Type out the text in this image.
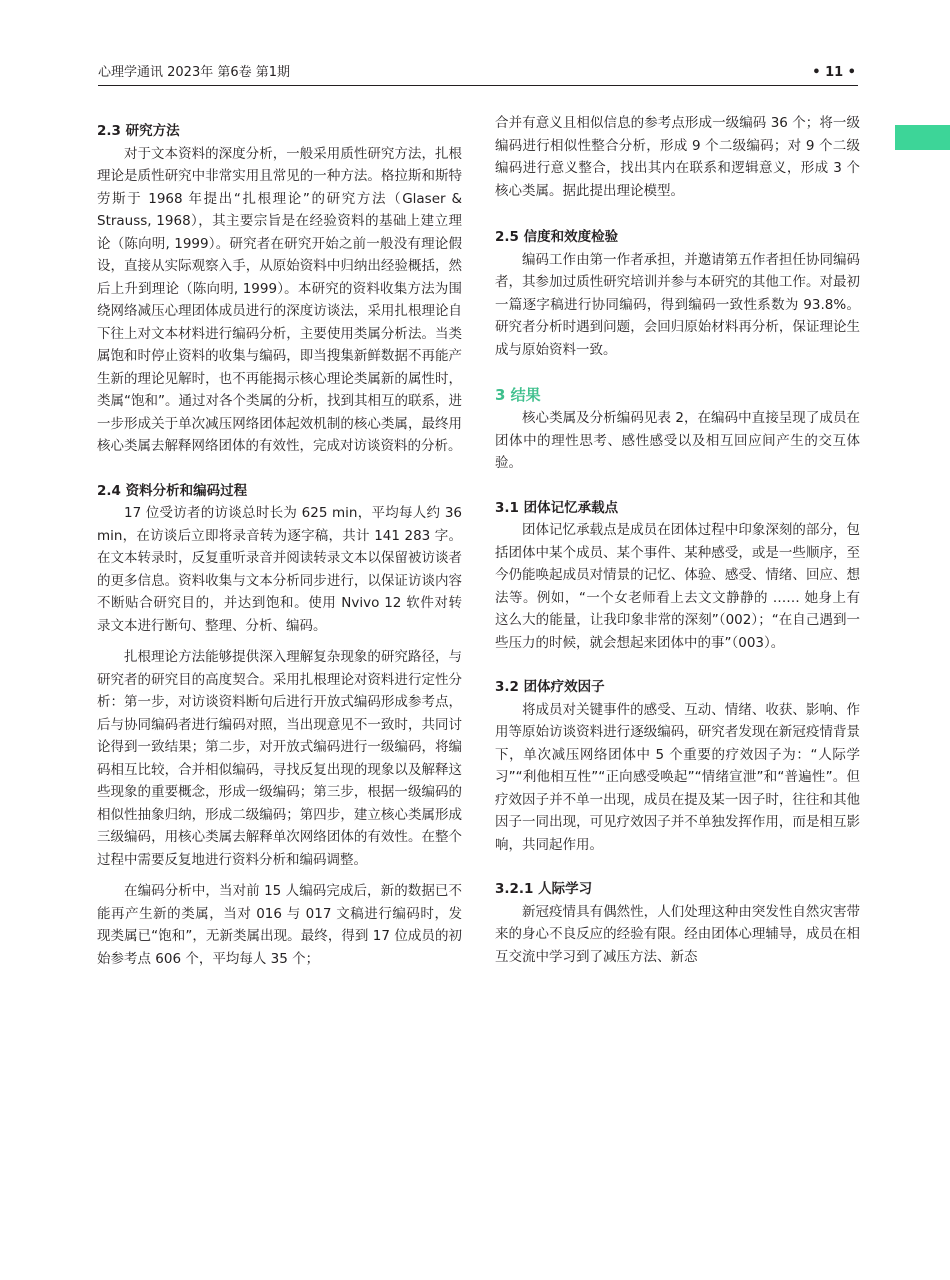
心理学通讯 2023年 第6卷 第1期	• 11 •
2.3 研究方法

对于文本资料的深度分析，一般采用质性研究方法，扎根理论是质性研究中非常实用且常见的一种方法。格拉斯和斯特劳斯于 1968 年提出“扎根理论”的研究方法（Glaser & Strauss, 1968），其主要宗旨是在经验资料的基础上建立理论（陈向明, 1999）。研究者在研究开始之前一般没有理论假设，直接从实际观察入手，从原始资料中归纳出经验概括，然后上升到理论（陈向明, 1999）。本研究的资料收集方法为围绕网络减压心理团体成员进行的深度访谈法，采用扎根理论自下往上对文本材料进行编码分析，主要使用类属分析法。当类属饱和时停止资料的收集与编码，即当搜集新鲜数据不再能产生新的理论见解时，也不再能揭示核心理论类属新的属性时，类属“饱和”。通过对各个类属的分析，找到其相互的联系，进一步形成关于单次减压网络团体起效机制的核心类属，最终用核心类属去解释网络团体的有效性，完成对访谈资料的分析。

2.4 资料分析和编码过程

17 位受访者的访谈总时长为 625 min，平均每人约 36 min，在访谈后立即将录音转为逐字稿，共计 141 283 字。在文本转录时，反复重听录音并阅读转录文本以保留被访谈者的更多信息。资料收集与文本分析同步进行，以保证访谈内容不断贴合研究目的，并达到饱和。使用 Nvivo 12 软件对转录文本进行断句、整理、分析、编码。

扎根理论方法能够提供深入理解复杂现象的研究路径，与研究者的研究目的高度契合。采用扎根理论对资料进行定性分析：第一步，对访谈资料断句后进行开放式编码形成参考点，后与协同编码者进行编码对照，当出现意见不一致时，共同讨论得到一致结果；第二步，对开放式编码进行一级编码，将编码相互比较，合并相似编码，寻找反复出现的现象以及解释这些现象的重要概念，形成一级编码；第三步，根据一级编码的相似性抽象归纳，形成二级编码；第四步，建立核心类属形成三级编码，用核心类属去解释单次网络团体的有效性。在整个过程中需要反复地进行资料分析和编码调整。

在编码分析中，当对前 15 人编码完成后，新的数据已不能再产生新的类属，当对 016 与 017 文稿进行编码时，发现类属已“饱和”，无新类属出现。最终，得到 17 位成员的初始参考点 606 个，平均每人 35 个；

合并有意义且相似信息的参考点形成一级编码 36 个；将一级编码进行相似性整合分析，形成 9 个二级编码；对 9 个二级编码进行意义整合，找出其内在联系和逻辑意义，形成 3 个核心类属。据此提出理论模型。

2.5 信度和效度检验

编码工作由第一作者承担，并邀请第五作者担任协同编码者，其参加过质性研究培训并参与本研究的其他工作。对最初一篇逐字稿进行协同编码，得到编码一致性系数为 93.8%。研究者分析时遇到问题，会回归原始材料再分析，保证理论生成与原始资料一致。

3 结果

核心类属及分析编码见表 2，在编码中直接呈现了成员在团体中的理性思考、感性感受以及相互回应间产生的交互体验。

3.1 团体记忆承载点

团体记忆承载点是成员在团体过程中印象深刻的部分，包括团体中某个成员、某个事件、某种感受，或是一些顺序，至今仍能唤起成员对情景的记忆、体验、感受、情绪、回应、想法等。例如，“一个女老师看上去文文静静的 …… 她身上有这么大的能量，让我印象非常的深刻”（002）；“在自己遇到一些压力的时候，就会想起来团体中的事”（003）。

3.2 团体疗效因子

将成员对关键事件的感受、互动、情绪、收获、影响、作用等原始访谈资料进行逐级编码，研究者发现在新冠疫情背景下，单次减压网络团体中 5 个重要的疗效因子为：“人际学习”“利他相互性”“正向感受唤起”“情绪宣泄”和“普遍性”。但疗效因子并不单一出现，成员在提及某一因子时，往往和其他因子一同出现，可见疗效因子并不单独发挥作用，而是相互影响，共同起作用。

3.2.1 人际学习

新冠疫情具有偶然性，人们处理这种由突发性自然灾害带来的身心不良反应的经验有限。经由团体心理辅导，成员在相互交流中学习到了减压方法、新态
